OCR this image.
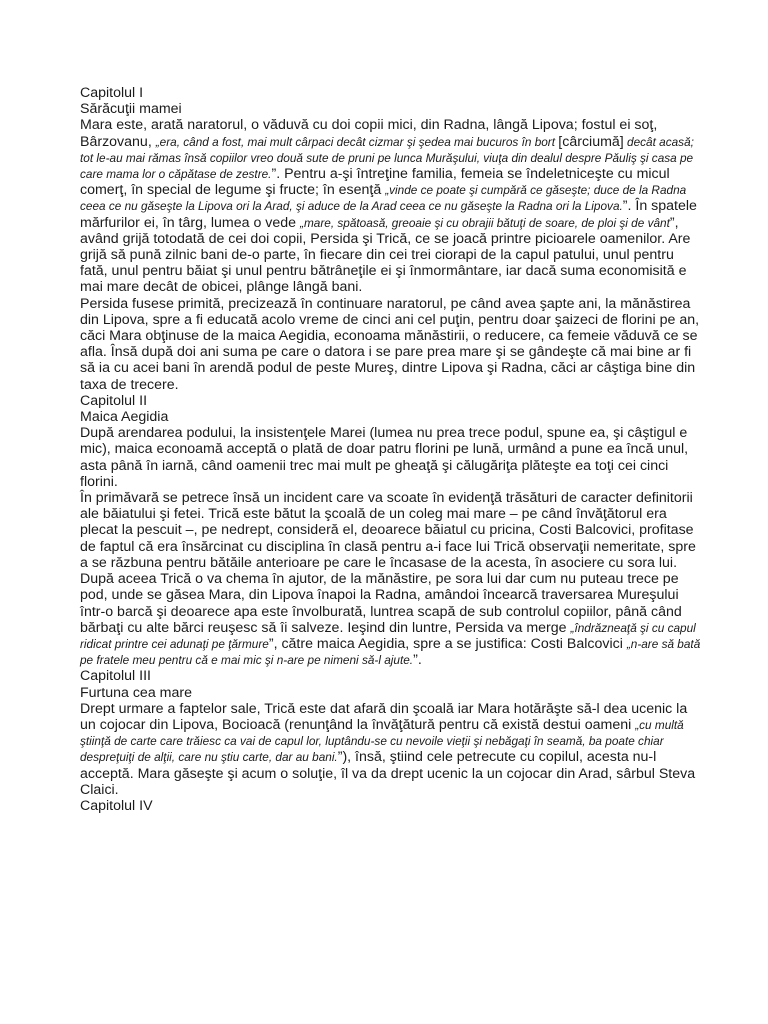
Capitolul I

Sărăcuţii mamei

Mara este, arată naratorul, o văduvă cu doi copii mici, din Radna, lângă Lipova; fostul ei soţ, Bârzovanu, „era, când a fost, mai mult cârpaci decât cizmar şi şedea mai bucuros în bort [cârciumă] decât acasă; tot le-au mai rămas însă copiilor vreo două sute de pruni pe lunca Murăşului, viuţa din dealul despre Păuliş şi casa pe care mama lor o căpătase de zestre.”. Pentru a-şi întreţine familia, femeia se îndeletniceşte cu micul comerţ, în special de legume şi fructe; în esenţă „vinde ce poate şi cumpără ce găseşte; duce de la Radna ceea ce nu găseşte la Lipova ori la Arad, şi aduce de la Arad ceea ce nu găseşte la Radna ori la Lipova.”. În spatele mărfurilor ei, în târg, lumea o vede „mare, spătoasă, greoaie şi cu obrajii bătuţi de soare, de ploi şi de vânt”, având grijă totodată de cei doi copii, Persida şi Trică, ce se joacă printre picioarele oamenilor. Are grijă să pună zilnic bani de-o parte, în fiecare din cei trei ciorapi de la capul patului, unul pentru fată, unul pentru băiat şi unul pentru bătrâneţile ei şi înmormântare, iar dacă suma economisită e mai mare decât de obicei, plânge lângă bani.

Persida fusese primită, precizează în continuare naratorul, pe când avea şapte ani, la mănăstirea din Lipova, spre a fi educată acolo vreme de cinci ani cel puţin, pentru doar şaizeci de florini pe an, căci Mara obţinuse de la maica Aegidia, econoama mănăstirii, o reducere, ca femeie văduvă ce se afla. Însă după doi ani suma pe care o datora i se pare prea mare şi se gândeşte că mai bine ar fi să ia cu acei bani în arendă podul de peste Mureş, dintre Lipova şi Radna, căci ar câştiga bine din taxa de trecere.

Capitolul II

Maica Aegidia

După arendarea podului, la insistenţele Marei (lumea nu prea trece podul, spune ea, şi câştigul e mic), maica econoamă acceptă o plată de doar patru florini pe lună, urmând a pune ea încă unul, asta până în iarnă, când oamenii trec mai mult pe gheaţă şi călugăriţa plăteşte ea toţi cei cinci florini.

În primăvară se petrece însă un incident care va scoate în evidenţă trăsături de caracter definitorii ale băiatului şi fetei. Trică este bătut la şcoală de un coleg mai mare – pe când învăţătorul era plecat la pescuit –, pe nedrept, consideră el, deoarece băiatul cu pricina, Costi Balcovici, profitase de faptul că era însărcinat cu disciplina în clasă pentru a-i face lui Trică observaţii nemeritate, spre a se răzbuna pentru bătăile anterioare pe care le încasase de la acesta, în asociere cu sora lui. După aceea Trică o va chema în ajutor, de la mănăstire, pe sora lui dar cum nu puteau trece pe pod, unde se găsea Mara, din Lipova înapoi la Radna, amândoi încearcă traversarea Mureşului într-o barcă şi deoarece apa este învolburată, luntrea scapă de sub controlul copiilor, până când bărbaţi cu alte bărci reuşesc să îi salveze. Ieşind din luntre, Persida va merge „îndrăzneaţă şi cu capul ridicat printre cei adunaţi pe ţărmure”, către maica Aegidia, spre a se justifica: Costi Balcovici „n-are să bată pe fratele meu pentru că e mai mic şi n-are pe nimeni să-l ajute.”.

Capitolul III

Furtuna cea mare

Drept urmare a faptelor sale, Trică este dat afară din şcoală iar Mara hotărăşte să-l dea ucenic la un cojocar din Lipova, Bocioacă (renunţând la învăţătură pentru că există destui oameni „cu multă ştiinţă de carte care trăiesc ca vai de capul lor, luptându-se cu nevoile vieţii şi nebăgaţi în seamă, ba poate chiar despreţuiţi de alţii, care nu ştiu carte, dar au bani.”), însă, ştiind cele petrecute cu copilul, acesta nu-l acceptă. Mara găseşte şi acum o soluţie, îl va da drept ucenic la un cojocar din Arad, sârbul Steva Claici.

Capitolul IV
